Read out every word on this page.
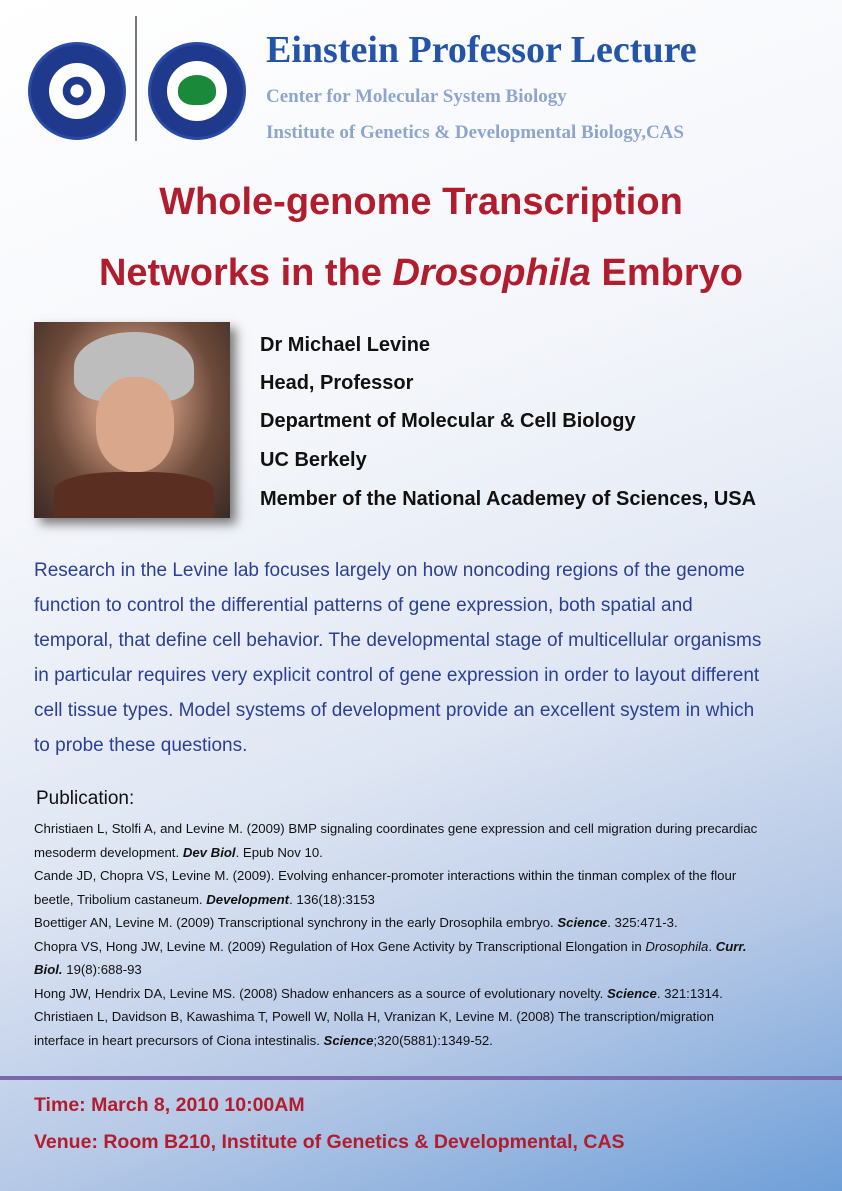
Einstein Professor Lecture
Center for Molecular System Biology
Institute of Genetics & Developmental Biology,CAS
Whole-genome Transcription
Networks in the Drosophila Embryo
Dr Michael Levine
Head, Professor
Department of Molecular & Cell Biology
UC Berkely
Member of the National Academey of Sciences, USA
Research in the Levine lab focuses largely on how noncoding regions of the genome
function to control the differential patterns of gene expression, both spatial and
temporal, that define cell behavior. The developmental stage of multicellular organisms
in particular requires very explicit control of gene expression in order to layout different
cell tissue types. Model systems of development provide an excellent system in which
to probe these questions.
Publication:
Christiaen L, Stolfi A, and Levine M. (2009) BMP signaling coordinates gene expression and cell migration during precardiac
mesoderm development. Dev Biol. Epub Nov 10.
Cande JD, Chopra VS, Levine M. (2009). Evolving enhancer-promoter interactions within the tinman complex of the flour
beetle, Tribolium castaneum. Development. 136(18):3153
Boettiger AN, Levine M. (2009) Transcriptional synchrony in the early Drosophila embryo. Science. 325:471-3.
Chopra VS, Hong JW, Levine M. (2009) Regulation of Hox Gene Activity by Transcriptional Elongation in Drosophila. Curr.
Biol. 19(8):688-93
Hong JW, Hendrix DA, Levine MS. (2008) Shadow enhancers as a source of evolutionary novelty. Science. 321:1314.
Christiaen L, Davidson B, Kawashima T, Powell W, Nolla H, Vranizan K, Levine M. (2008) The transcription/migration
interface in heart precursors of Ciona intestinalis. Science;320(5881):1349-52.
Time: March 8, 2010 10:00AM
Venue: Room B210, Institute of Genetics & Developmental, CAS
